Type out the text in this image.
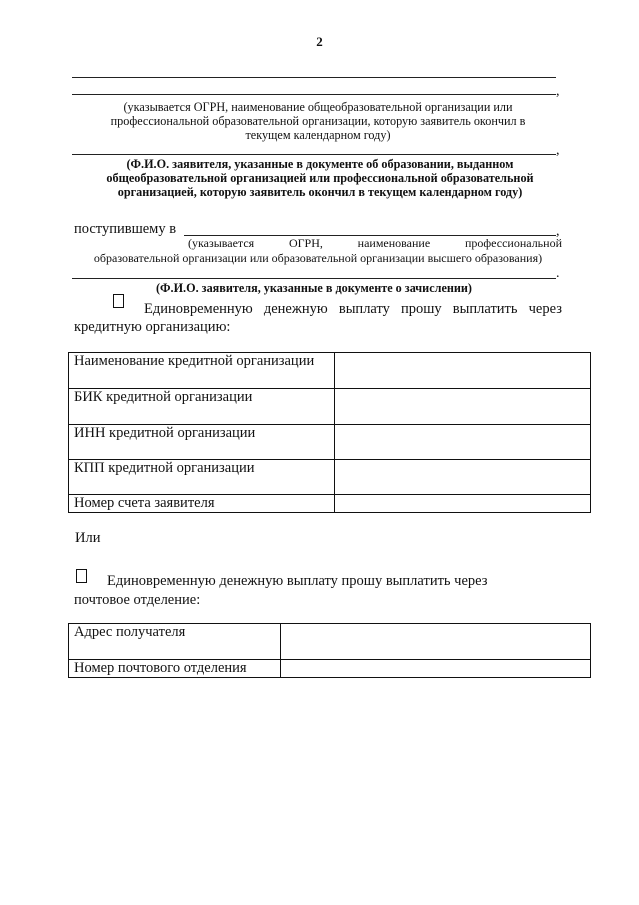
2
,
(указывается ОГРН, наименование общеобразовательной организации или профессиональной образовательной организации, которую заявитель окончил в текущем календарном году)
,
(Ф.И.О. заявителя, указанные в документе об образовании, выданном общеобразовательной организацией или профессиональной образовательной организацией, которую заявитель окончил в текущем календарном году)
поступившему в	,
(указывается	ОГРН,	наименование	профессиональной
образовательной организации или образовательной организации высшего образования)
.
(Ф.И.О. заявителя, указанные в документе о зачислении)
Единовременную денежную выплату прошу выплатить через
кредитную организацию:
Наименование кредитной организации	
БИК кредитной организации	
ИНН кредитной организации	
КПП кредитной организации	
Номер счета заявителя	
Или
Единовременную денежную выплату прошу выплатить через
почтовое отделение:
Адрес получателя	
Номер почтового отделения	
